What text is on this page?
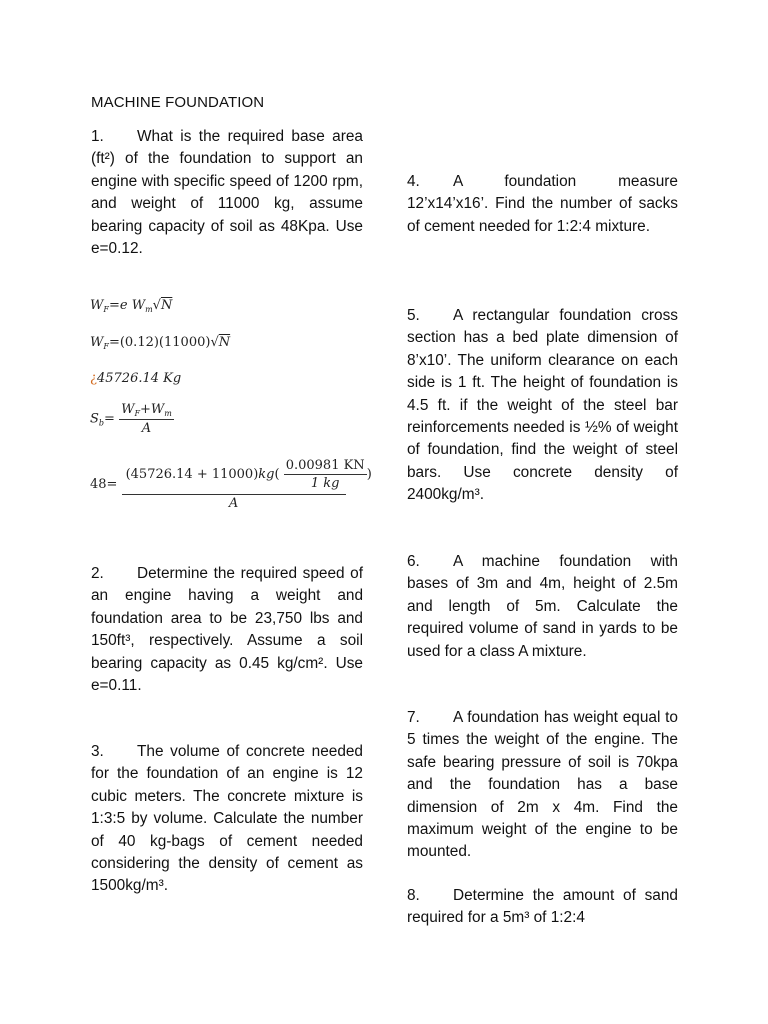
MACHINE FOUNDATION
1. What is the required base area (ft²) of the foundation to support an engine with specific speed of 1200 rpm, and weight of 11000 kg, assume bearing capacity of soil as 48Kpa. Use e=0.12.
$W_F=e$ $W_m√N$
$W_F=(0.12)(11000)√N$
¿45726.14 Kg
$S_b= \frac{W_F+W_m}{A}$
48=
$(45726.14 + 11000)kg( \frac{0.00981 KN}{1 kg}$ )
A
2. Determine the required speed of an engine having a weight and foundation area to be 23,750 lbs and 150ft³, respectively. Assume a soil bearing capacity as 0.45 kg/cm². Use e=0.11.
3. The volume of concrete needed for the foundation of an engine is 12 cubic meters. The concrete mixture is 1:3:5 by volume. Calculate the number of 40 kg-bags of cement needed considering the density of cement as 1500kg/m³.
4. A foundation measure 12’x14’x16’. Find the number of sacks of cement needed for 1:2:4 mixture.
5. A rectangular foundation cross section has a bed plate dimension of 8’x10’. The uniform clearance on each side is 1 ft. The height of foundation is 4.5 ft. if the weight of the steel bar reinforcements needed is ½% of weight of foundation, find the weight of steel bars. Use concrete density of 2400kg/m³.
6. A machine foundation with bases of 3m and 4m, height of 2.5m and length of 5m. Calculate the required volume of sand in yards to be used for a class A mixture.
7. A foundation has weight equal to 5 times the weight of the engine. The safe bearing pressure of soil is 70kpa and the foundation has a base dimension of 2m x 4m. Find the maximum weight of the engine to be mounted.
8. Determine the amount of sand required for a 5m³ of 1:2:4
